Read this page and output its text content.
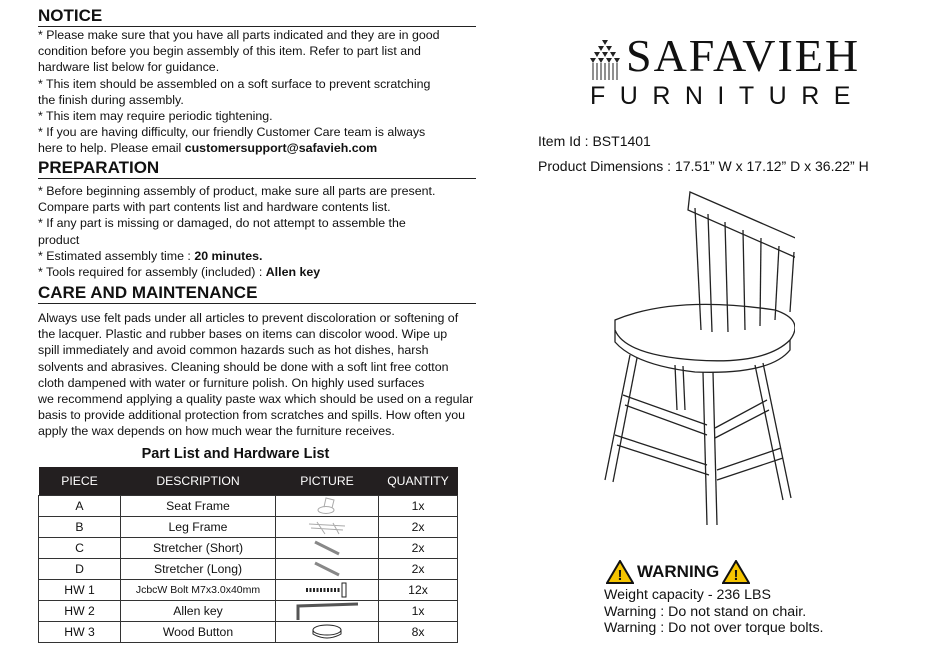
NOTICE
* Please make sure that you have all parts indicated and they are in good
condition before you begin assembly of this item. Refer to part list and
hardware list below for guidance.
* This item should be assembled on a soft surface to prevent scratching
the finish during assembly.
* This item may require periodic tightening.
* If you are having difficulty, our friendly Customer Care team is always
here to help. Please email customersupport@safavieh.com
PREPARATION
* Before beginning assembly of product, make sure all parts are present.
Compare parts with part contents list and hardware contents list.
* If any part is missing or damaged, do not attempt to assemble the
product
* Estimated assembly time : 20 minutes.
* Tools required for assembly (included) : Allen key
CARE AND MAINTENANCE
Always use felt pads under all articles to prevent discoloration or softening of
the lacquer. Plastic and rubber bases on items can discolor wood. Wipe up
spill immediately and avoid common hazards such as hot dishes, harsh
solvents and abrasives. Cleaning should be done with a soft lint free cotton
cloth dampened with water or furniture polish. On highly used surfaces
we recommend applying a quality paste wax which should be used on a regular
basis to provide additional protection from scratches and spills. How often you
apply the wax depends on how much wear the furniture receives.
Part List and Hardware List
PIECE	DESCRIPTION	PICTURE	QUANTITY
A	Seat Frame		1x
B	Leg Frame		2x
C	Stretcher (Short)		2x
D	Stretcher (Long)		2x
HW 1	JcbcW Bolt M7x3.0x40mm		12x
HW 2	Allen key		1x
HW 3	Wood Button		8x
SAFAVIEH
FURNITURE
Item Id : BST1401
Product Dimensions : 17.51” W x 17.12” D x 36.22” H
! WARNING !
Weight capacity - 236 LBS
Warning : Do not stand on chair.
Warning : Do not over torque bolts.
